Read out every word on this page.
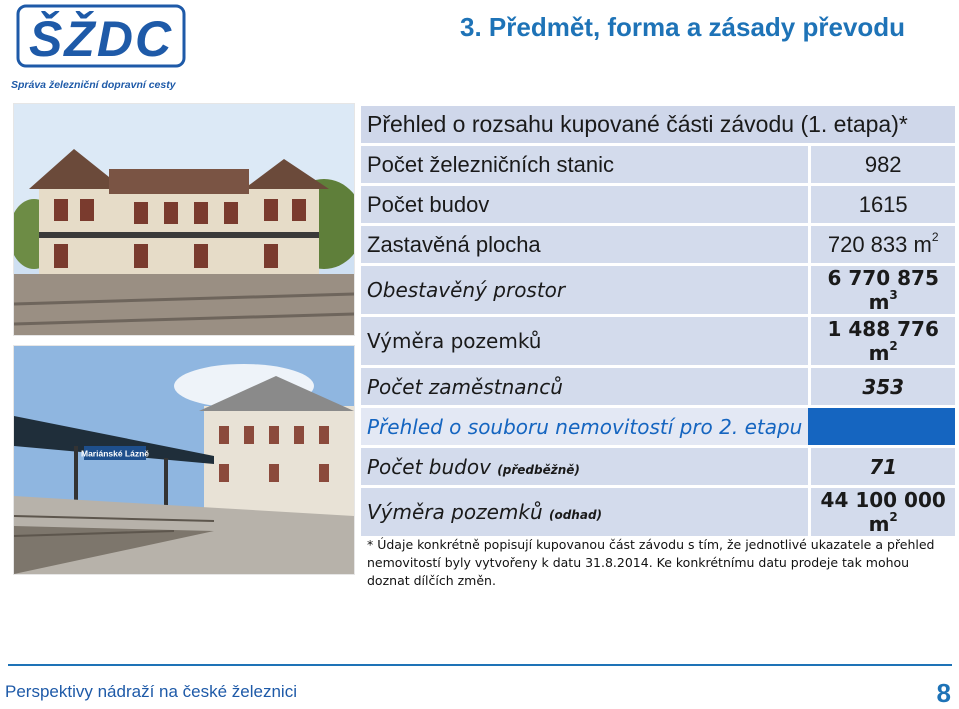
ŠŽDC
Správa železniční dopravní cesty
3. Předmět, forma a zásady převodu
Mariánské Lázně
Přehled o rozsahu kupované části závodu (1. etapa)*	
Počet železničních stanic	982
Počet budov	1615
Zastavěná plocha	720 833 $m^2$
Obestavěný prostor	6 770 875 $m^3$
Výměra pozemků	1 488 776 $m^2$
Počet zaměstnanců	353
Přehled o souboru nemovitostí pro 2. etapu	
Počet budov (předběžně)	71
Výměra pozemků (odhad)	44 100 000 $m^2$
* Údaje konkrétně popisují kupovanou část závodu s tím, že jednotlivé ukazatele a přehled nemovitostí byly vytvořeny k datu 31.8.2014. Ke konkrétnímu datu prodeje tak mohou doznat dílčích změn.
Perspektivy nádraží na české železnici	8
